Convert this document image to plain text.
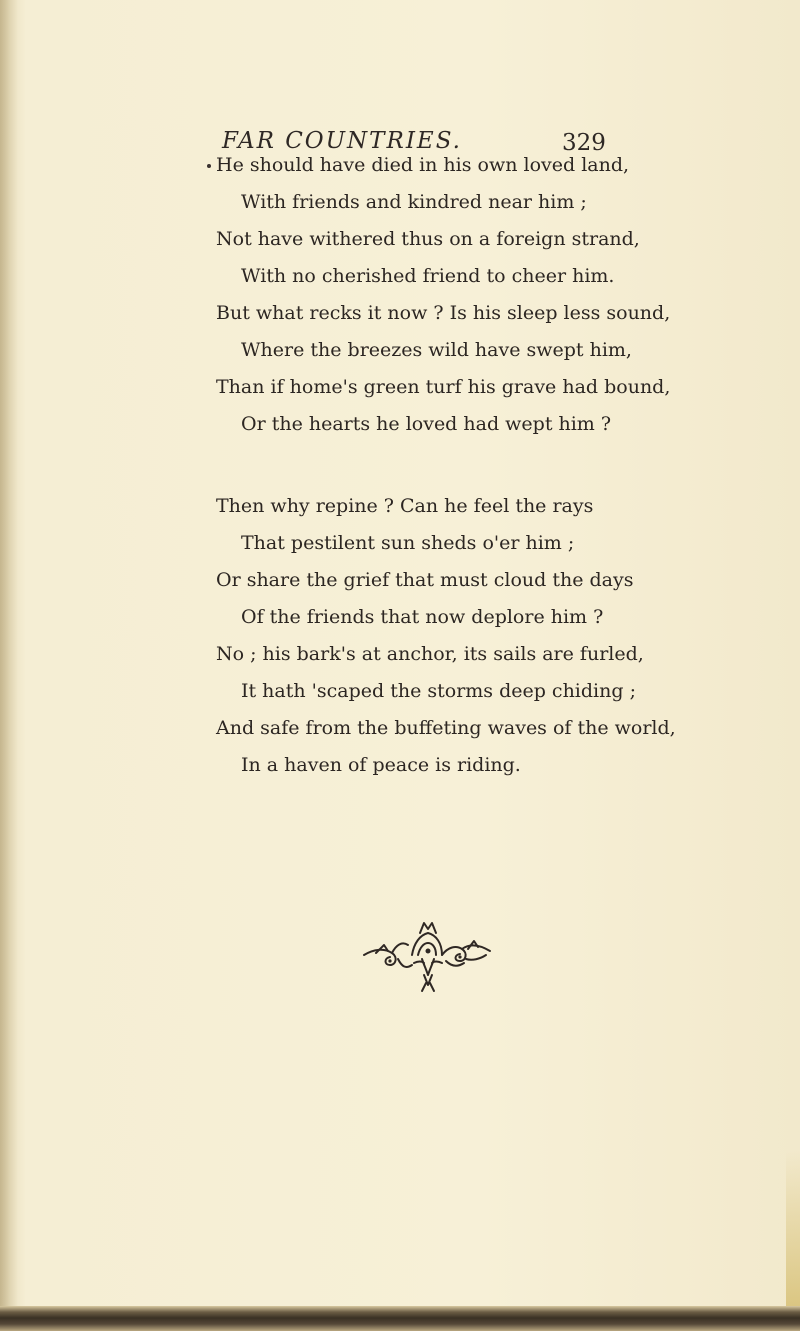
FAR COUNTRIES.	329
He should have died in his own loved land,
With friends and kindred near him ;
Not have withered thus on a foreign strand,
With no cherished friend to cheer him.
But what recks it now ? Is his sleep less sound,
Where the breezes wild have swept him,
Than if home's green turf his grave had bound,
Or the hearts he loved had wept him ?
Then why repine ? Can he feel the rays
That pestilent sun sheds o'er him ;
Or share the grief that must cloud the days
Of the friends that now deplore him ?
No ; his bark's at anchor, its sails are furled,
It hath 'scaped the storms deep chiding ;
And safe from the buffeting waves of the world,
In a haven of peace is riding.
